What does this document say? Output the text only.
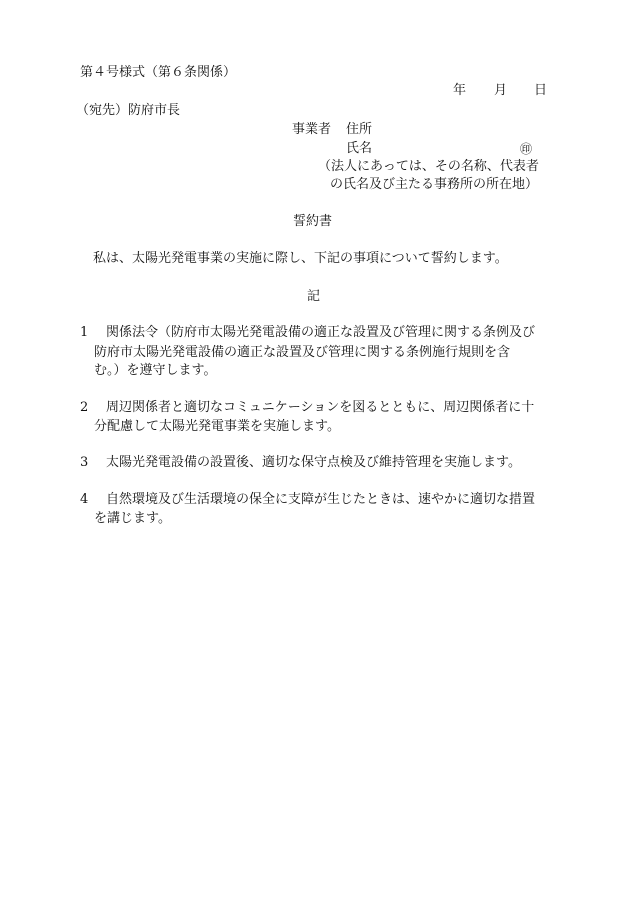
第４号様式（第６条関係）
年 月 日
（宛先）防府市長
事業者 住所
氏名	㊞
（法人にあっては、その名称、代表者
の氏名及び主たる事務所の所在地）
誓約書
私は、太陽光発電事業の実施に際し、下記の事項について誓約します。
記
1 関係法令（防府市太陽光発電設備の適正な設置及び管理に関する条例及び
防府市太陽光発電設備の適正な設置及び管理に関する条例施行規則を含
む。）を遵守します。
2 周辺関係者と適切なコミュニケーションを図るとともに、周辺関係者に十
分配慮して太陽光発電事業を実施します。
3 太陽光発電設備の設置後、適切な保守点検及び維持管理を実施します。
4 自然環境及び生活環境の保全に支障が生じたときは、速やかに適切な措置
を講じます。
